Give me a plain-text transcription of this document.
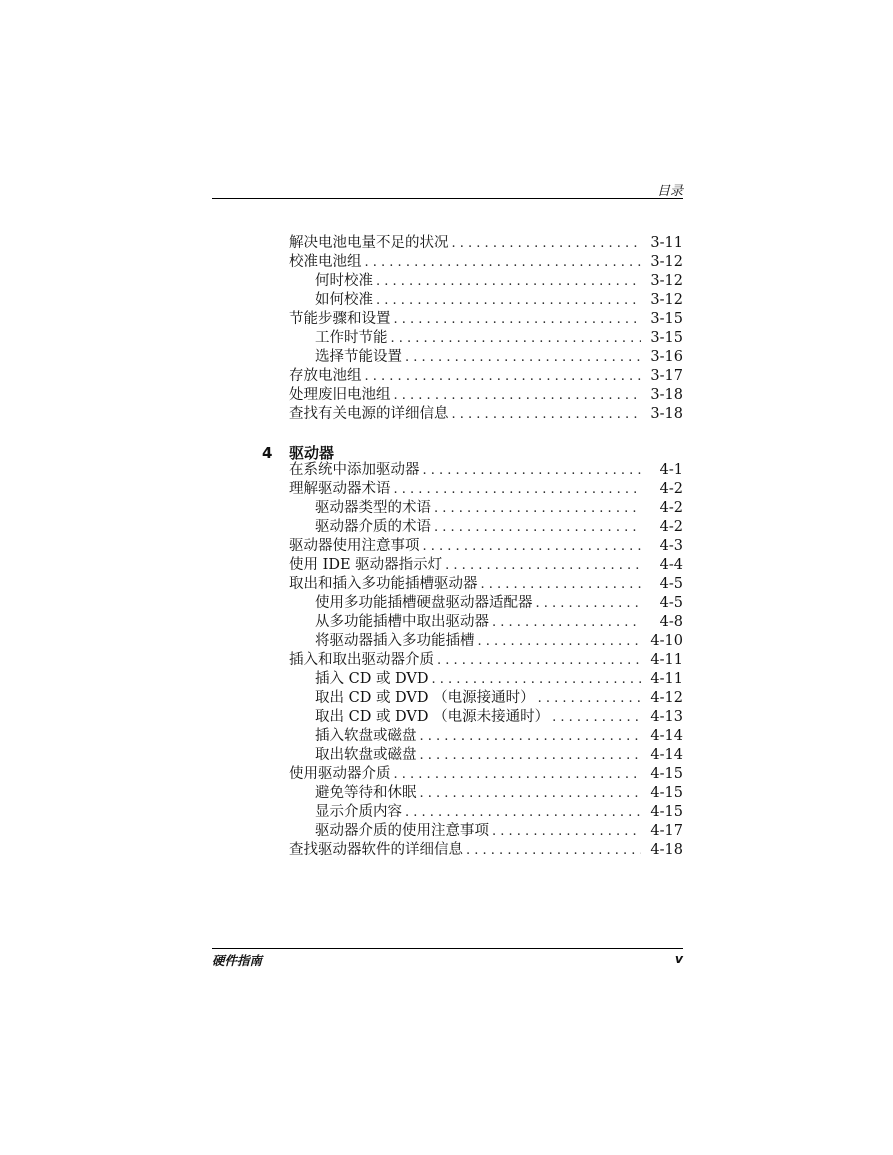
目录
解决电池电量不足的状况 . . .	3-11
校准电池组 . . .	3-12
何时校准 . . .	3-12
如何校准 . . .	3-12
节能步骤和设置 . . .	3-15
工作时节能 . . .	3-15
选择节能设置 . . .	3-16
存放电池组 . . .	3-17
处理废旧电池组 . . .	3-18
查找有关电源的详细信息 . . .	3-18
4 驱动器
在系统中添加驱动器 . . .	4-1
理解驱动器术语 . . .	4-2
驱动器类型的术语 . . .	4-2
驱动器介质的术语 . . .	4-2
驱动器使用注意事项 . . .	4-3
使用 IDE 驱动器指示灯 . . .	4-4
取出和插入多功能插槽驱动器 . . .	4-5
使用多功能插槽硬盘驱动器适配器 . . .	4-5
从多功能插槽中取出驱动器 . . .	4-8
将驱动器插入多功能插槽 . . .	4-10
插入和取出驱动器介质 . . .	4-11
插入 CD 或 DVD . . .	4-11
取出 CD 或 DVD （电源接通时） . . .	4-12
取出 CD 或 DVD （电源未接通时） . . .	4-13
插入软盘或磁盘 . . .	4-14
取出软盘或磁盘 . . .	4-14
使用驱动器介质 . . .	4-15
避免等待和休眠 . . .	4-15
显示介质内容 . . .	4-15
驱动器介质的使用注意事项 . . .	4-17
查找驱动器软件的详细信息 . . .	4-18
硬件指南	v
